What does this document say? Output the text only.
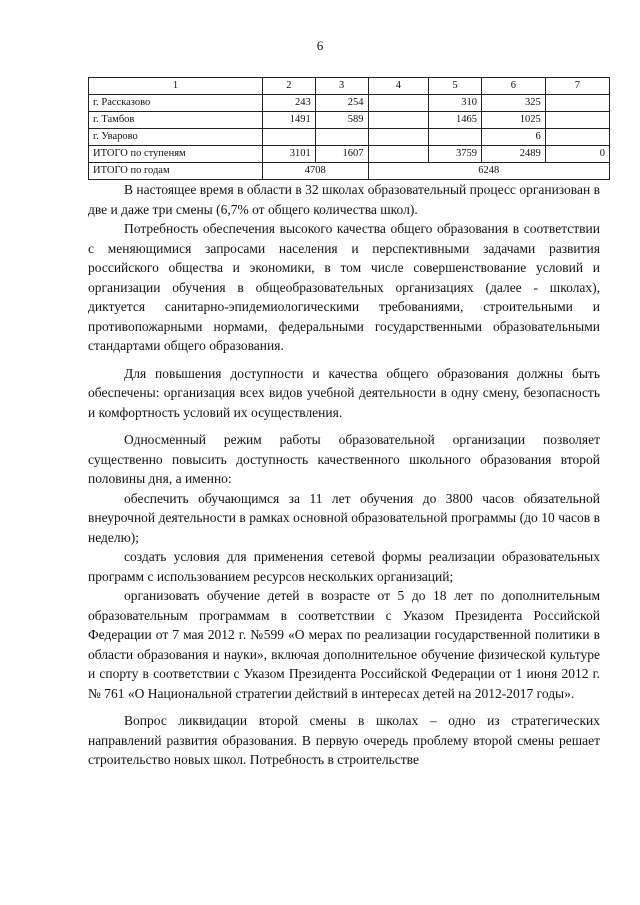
6
1	2	3	4	5	6	7
г. Рассказово	243	254		310	325	
г. Тамбов	1491	589		1465	1025	
г. Уварово					6	
ИТОГО по ступеням	3101	1607		3759	2489	0
ИТОГО по годам	4708		6248			

В настоящее время в области в 32 школах образовательный процесс организован в две и даже три смены (6,7% от общего количества школ).

Потребность обеспечения высокого качества общего образования в соответствии с меняющимися запросами населения и перспективными задачами развития российского общества и экономики, в том числе совершенствование условий и организации обучения в общеобразовательных организациях (далее - школах), диктуется санитарно-эпидемиологическими требованиями, строительными и противопожарными нормами, федеральными государственными образовательными стандартами общего образования.

Для повышения доступности и качества общего образования должны быть обеспечены: организация всех видов учебной деятельности в одну смену, безопасность и комфортность условий их осуществления.

Односменный режим работы образовательной организации позволяет существенно повысить доступность качественного школьного образования второй половины дня, а именно:

обеспечить обучающимся за 11 лет обучения до 3800 часов обязательной внеурочной деятельности в рамках основной образовательной программы (до 10 часов в неделю);

создать условия для применения сетевой формы реализации образовательных программ с использованием ресурсов нескольких организаций;

организовать обучение детей в возрасте от 5 до 18 лет по дополнительным образовательным программам в соответствии с Указом Президента Российской Федерации от 7 мая 2012 г. №599 «О мерах по реализации государственной политики в области образования и науки», включая дополнительное обучение физической культуре и спорту в соответствии с Указом Президента Российской Федерации от 1 июня 2012 г. № 761 «О Национальной стратегии действий в интересах детей на 2012-2017 годы».

Вопрос ликвидации второй смены в школах – одно из стратегических направлений развития образования. В первую очередь проблему второй смены решает строительство новых школ. Потребность в строительстве
